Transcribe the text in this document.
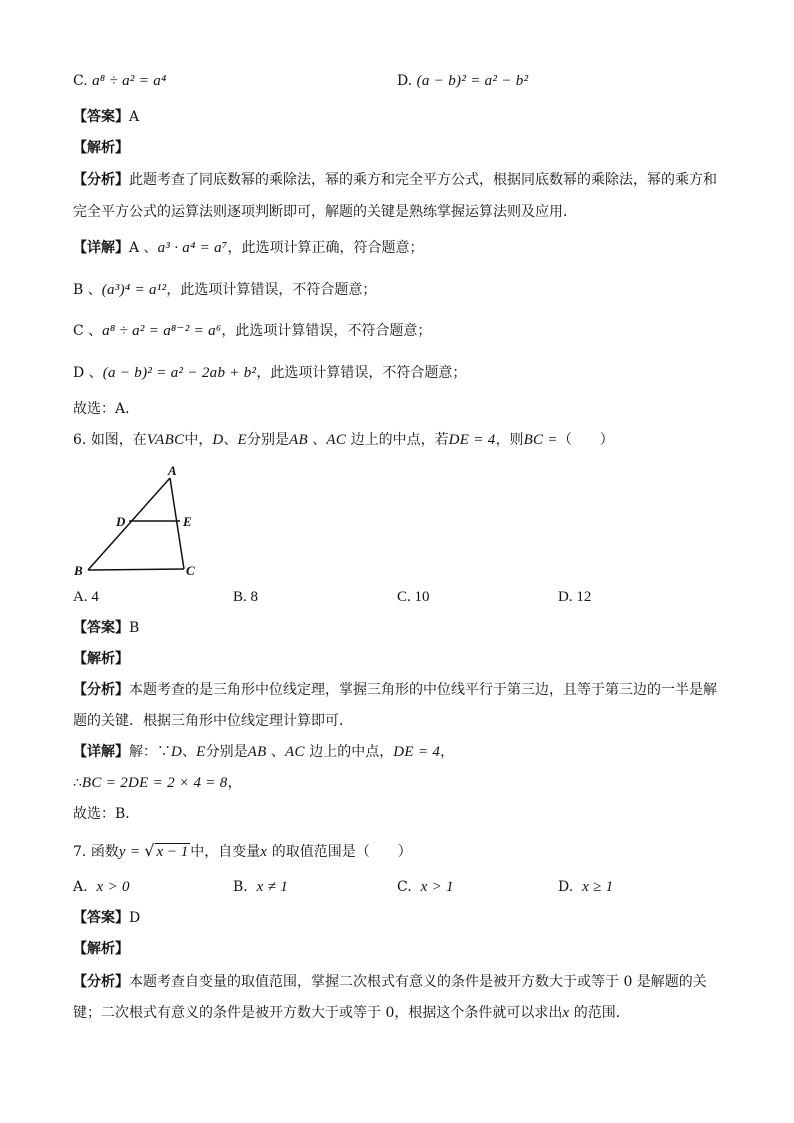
C. a⁸ ÷ a² = a⁴	D. (a − b)² = a² − b²
【答案】A
【解析】
【分析】此题考查了同底数幂的乘除法，幂的乘方和完全平方公式，根据同底数幂的乘除法，幂的乘方和
完全平方公式的运算法则逐项判断即可，解题的关键是熟练掌握运算法则及应用．
【详解】A 、a³ · a⁴ = a⁷，此选项计算正确，符合题意；
B 、(a³)⁴ = a¹²，此选项计算错误，不符合题意；
C 、a⁸ ÷ a² = a⁸⁻² = a⁶，此选项计算错误，不符合题意；
D 、(a − b)² = a² − 2ab + b²，此选项计算错误，不符合题意；
故选：A．
6. 如图，在VABC中，D、E分别是AB 、AC 边上的中点，若DE = 4，则BC =（　　）
A
D	E
B	C
A. 4	B. 8	C. 10	D. 12
【答案】B
【解析】
【分析】本题考查的是三角形中位线定理，掌握三角形的中位线平行于第三边，且等于第三边的一半是解
题的关键．根据三角形中位线定理计算即可．
【详解】解：∵D、E分别是AB 、AC 边上的中点，DE = 4，
∴BC = 2DE = 2 × 4 = 8，
故选：B．
7. 函数y = √ x − 1 中，自变量x 的取值范围是（　　）
A. x > 0	B. x ≠ 1	C. x > 1	D. x ≥ 1
【答案】D
【解析】
【分析】本题考查自变量的取值范围，掌握二次根式有意义的条件是被开方数大于或等于 0 是解题的关
键；二次根式有意义的条件是被开方数大于或等于 0，根据这个条件就可以求出x 的范围．
